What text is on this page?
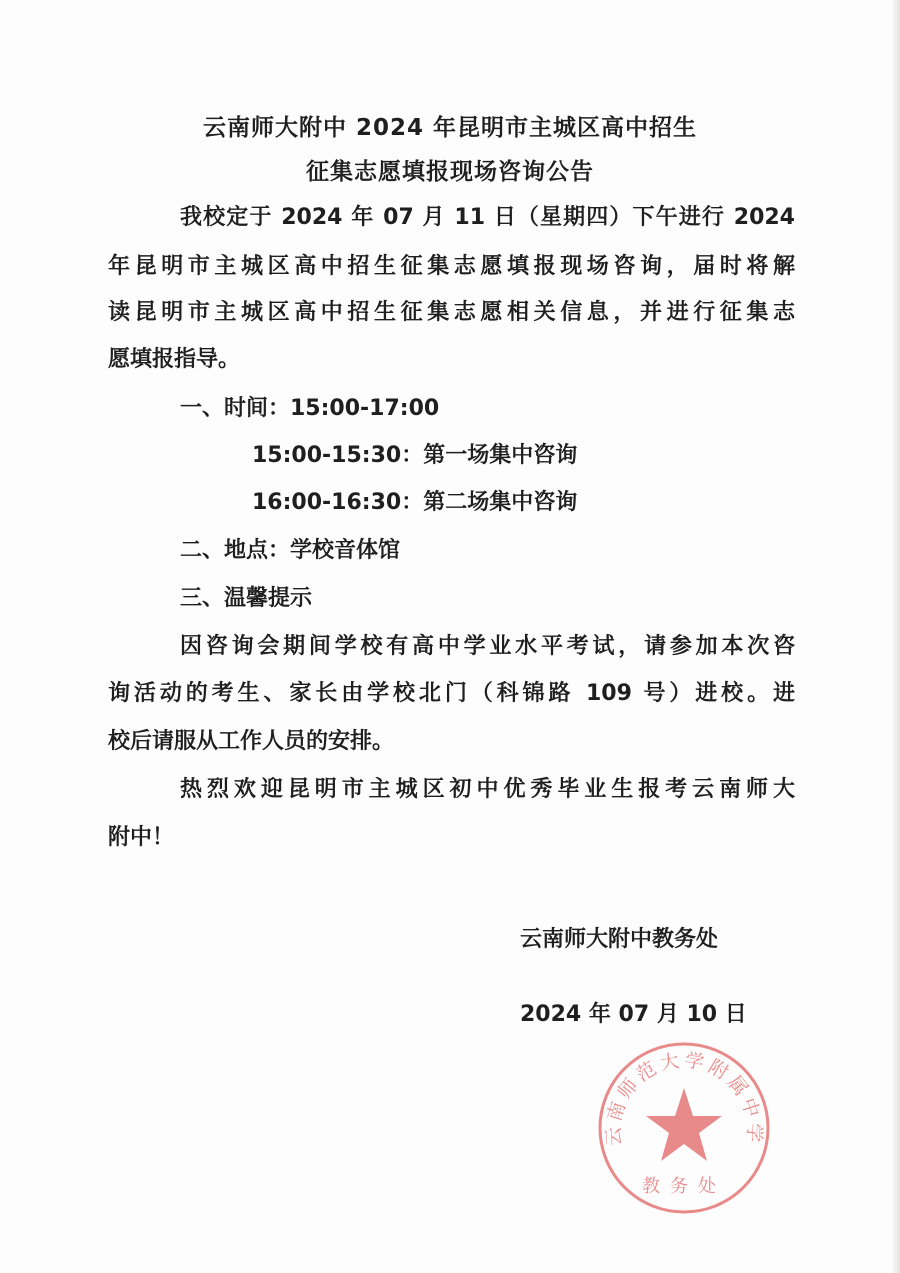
云南师大附中 2024 年昆明市主城区高中招生
征集志愿填报现场咨询公告
我校定于 2024 年 07 月 11 日（星期四）下午进行 2024
年昆明市主城区高中招生征集志愿填报现场咨询，届时将解
读昆明市主城区高中招生征集志愿相关信息，并进行征集志
愿填报指导。
一、时间：15:00-17:00
15:00-15:30：第一场集中咨询
16:00-16:30：第二场集中咨询
二、地点：学校音体馆
三、温馨提示
因咨询会期间学校有高中学业水平考试，请参加本次咨
询活动的考生、家长由学校北门（科锦路 109 号）进校。进
校后请服从工作人员的安排。
热烈欢迎昆明市主城区初中优秀毕业生报考云南师大
附中！
云南师大附中教务处
2024 年 07 月 10 日
云南师范大学附属中学
教务处
